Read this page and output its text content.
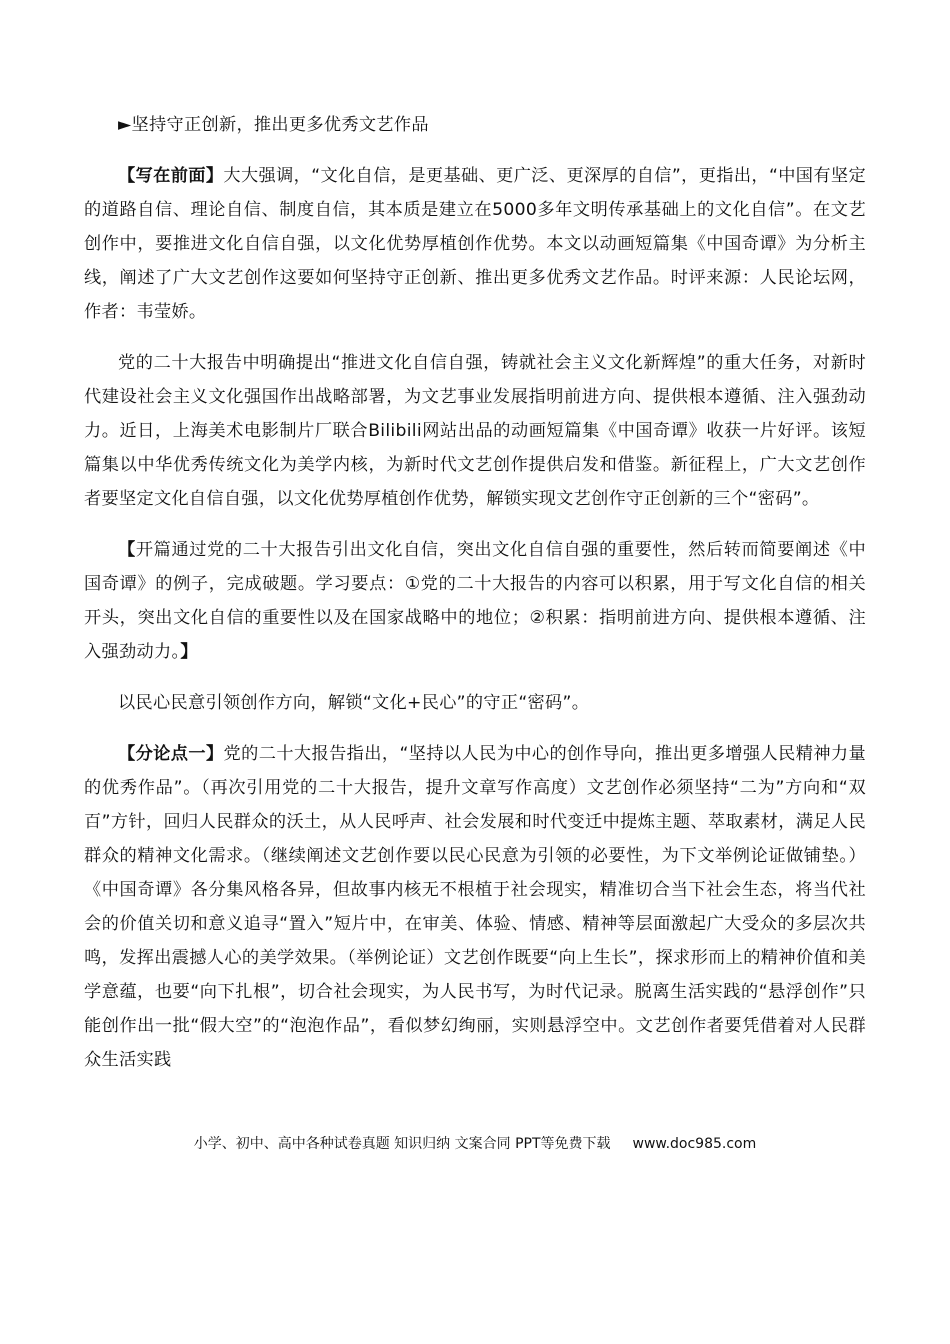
►坚持守正创新，推出更多优秀文艺作品

【写在前面】大大强调，“文化自信，是更基础、更广泛、更深厚的自信”，更指出，“中国有坚定的道路自信、理论自信、制度自信，其本质是建立在5000多年文明传承基础上的文化自信”。在文艺创作中，要推进文化自信自强，以文化优势厚植创作优势。本文以动画短篇集《中国奇谭》为分析主线，阐述了广大文艺创作这要如何坚持守正创新、推出更多优秀文艺作品。时评来源：人民论坛网，作者：韦莹娇。

党的二十大报告中明确提出“推进文化自信自强，铸就社会主义文化新辉煌”的重大任务，对新时代建设社会主义文化强国作出战略部署，为文艺事业发展指明前进方向、提供根本遵循、注入强劲动力。近日，上海美术电影制片厂联合Bilibili网站出品的动画短篇集《中国奇谭》收获一片好评。该短篇集以中华优秀传统文化为美学内核，为新时代文艺创作提供启发和借鉴。新征程上，广大文艺创作者要坚定文化自信自强，以文化优势厚植创作优势，解锁实现文艺创作守正创新的三个“密码”。

【开篇通过党的二十大报告引出文化自信，突出文化自信自强的重要性，然后转而简要阐述《中国奇谭》的例子，完成破题。学习要点：①党的二十大报告的内容可以积累，用于写文化自信的相关开头，突出文化自信的重要性以及在国家战略中的地位；②积累：指明前进方向、提供根本遵循、注入强劲动力。】

以民心民意引领创作方向，解锁“文化+民心”的守正“密码”。

【分论点一】党的二十大报告指出，“坚持以人民为中心的创作导向，推出更多增强人民精神力量的优秀作品”。（再次引用党的二十大报告，提升文章写作高度）文艺创作必须坚持“二为”方向和“双百”方针，回归人民群众的沃土，从人民呼声、社会发展和时代变迁中提炼主题、萃取素材，满足人民群众的精神文化需求。（继续阐述文艺创作要以民心民意为引领的必要性，为下文举例论证做铺垫。）《中国奇谭》各分集风格各异，但故事内核无不根植于社会现实，精准切合当下社会生态，将当代社会的价值关切和意义追寻“置入”短片中，在审美、体验、情感、精神等层面激起广大受众的多层次共鸣，发挥出震撼人心的美学效果。（举例论证）文艺创作既要“向上生长”，探求形而上的精神价值和美学意蕴，也要“向下扎根”，切合社会现实，为人民书写，为时代记录。脱离生活实践的“悬浮创作”只能创作出一批“假大空”的“泡泡作品”，看似梦幻绚丽，实则悬浮空中。文艺创作者要凭借着对人民群众生活实践

小学、初中、高中各种试卷真题 知识归纳 文案合同 PPT等免费下载 www.doc985.com
